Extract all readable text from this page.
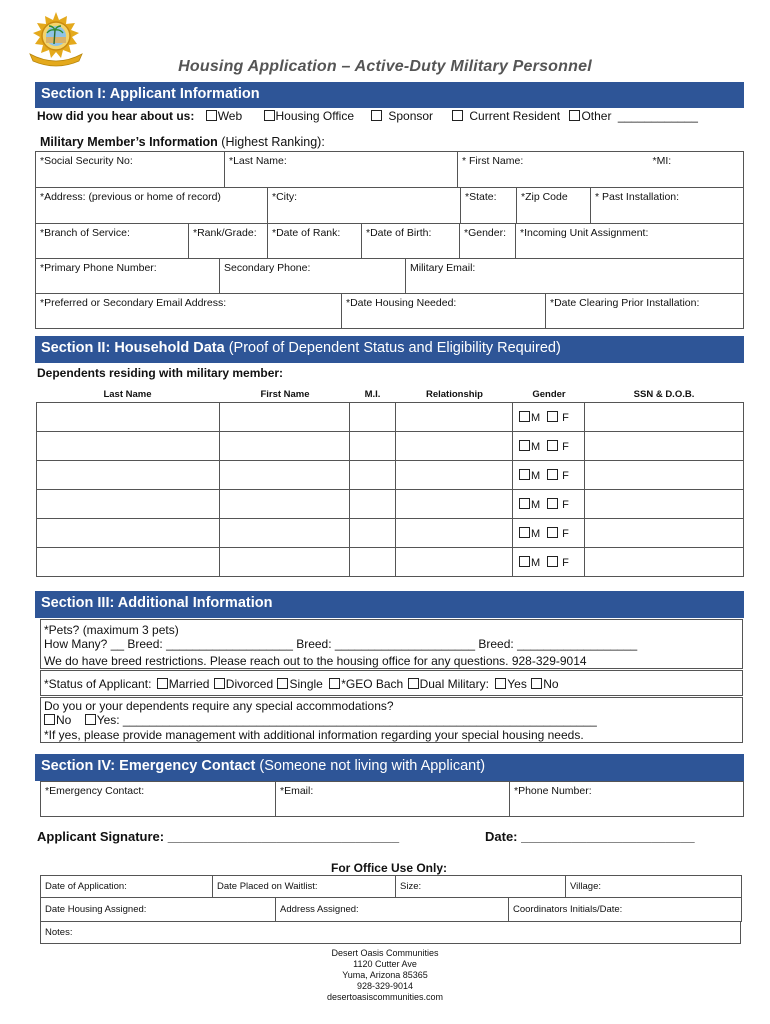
Housing Application – Active-Duty Military Personnel
Section I: Applicant Information
How did you hear about us: Web	Housing Office	Sponsor	Current Resident Other ____________
Military Member’s Information (Highest Ranking):
*Social Security No:	*Last Name:	* First Name:	*MI:
*Address: (previous or home of record)	*City:	*State:	*Zip Code	* Past Installation:
*Branch of Service:	*Rank/Grade:	*Date of Rank:	*Date of Birth:	*Gender:	*Incoming Unit Assignment:
*Primary Phone Number:	Secondary Phone:	Military Email:
*Preferred or Secondary Email Address:	*Date Housing Needed:	*Date Clearing Prior Installation:
Section II: Household Data (Proof of Dependent Status and Eligibility Required)
Dependents residing with military member:
Last Name	First Name	M.I.	Relationship	Gender	SSN & D.O.B.
				M F	
				M F	
				M F	
				M F	
				M F	
				M F	
Section III: Additional Information
*Pets? (maximum 3 pets)
How Many? __ Breed: ___________________ Breed: _____________________ Breed: __________________
We do have breed restrictions. Please reach out to the housing office for any questions. 928-329-9014
*Status of Applicant: Married Divorced Single *GEO Bach Dual Military: Yes No
Do you or your dependents require any special accommodations?
No Yes: _______________________________________________________________________
*If yes, please provide management with additional information regarding your special housing needs.
Section IV: Emergency Contact (Someone not living with Applicant)
*Emergency Contact:	*Email:	*Phone Number:
Applicant Signature: ________________________________	Date: ________________________
For Office Use Only:
Date of Application:	Date Placed on Waitlist:	Size:	Village:
Date Housing Assigned:	Address Assigned:	Coordinators Initials/Date:
Notes:
Desert Oasis Communities
1120 Cutter Ave
Yuma, Arizona 85365
928-329-9014
desertoasiscommunities.com
